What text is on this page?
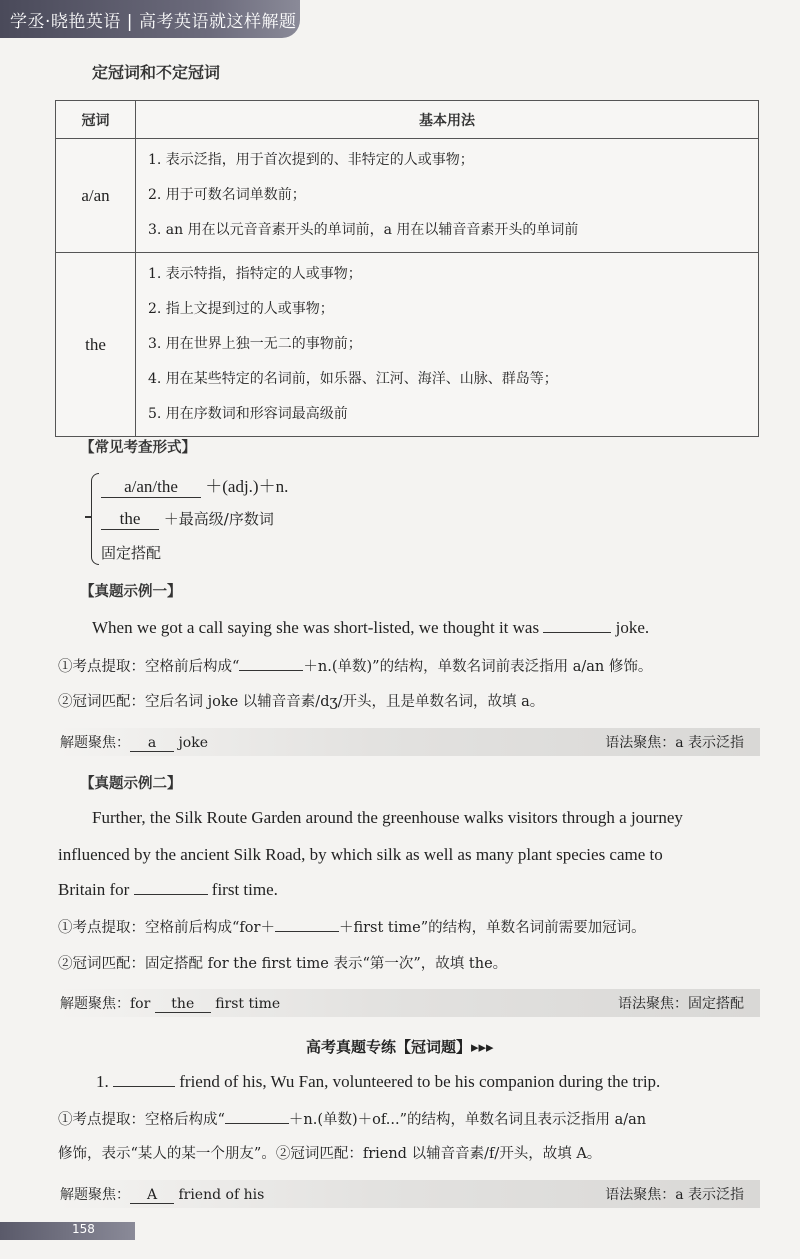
学丞·晓艳英语 | 高考英语就这样解题
定冠词和不定冠词
冠词	基本用法
a/an	1. 表示泛指，用于首次提到的、非特定的人或事物；
2. 用于可数名词单数前；
3. an 用在以元音音素开头的单词前，a 用在以辅音音素开头的单词前

the	1. 表示特指，指特定的人或事物；
2. 指上文提到过的人或事物；
3. 用在世界上独一无二的事物前；
4. 用在某些特定的名词前，如乐器、江河、海洋、山脉、群岛等；
5. 用在序数词和形容词最高级前
【常见考查形式】
a/an/the ＋(adj.)＋n.
the ＋最高级/序数词
固定搭配
【真题示例一】
When we got a call saying she was short-listed, we thought it was	joke.
①考点提取：空格前后构成“	＋n.(单数)”的结构，单数名词前表泛指用 a/an 修饰。
②冠词匹配：空后名词 joke 以辅音音素/dʒ/开头，且是单数名词，故填 a。
解题聚焦： a joke	语法聚焦：a 表示泛指
【真题示例二】
Further, the Silk Route Garden around the greenhouse walks visitors through a journey
influenced by the ancient Silk Road, by which silk as well as many plant species came to
Britain for	first time.
①考点提取：空格前后构成“for＋	＋first time”的结构，单数名词前需要加冠词。
②冠词匹配：固定搭配 for the first time 表示“第一次”，故填 the。
解题聚焦：for the first time	语法聚焦：固定搭配
高考真题专练【冠词题】▸▸▸
1.	friend of his, Wu Fan, volunteered to be his companion during the trip.
①考点提取：空格后构成“	＋n.(单数)＋of...”的结构，单数名词且表示泛指用 a/an
修饰，表示“某人的某一个朋友”。②冠词匹配：friend 以辅音音素/f/开头，故填 A。
解题聚焦： A friend of his	语法聚焦：a 表示泛指
158
